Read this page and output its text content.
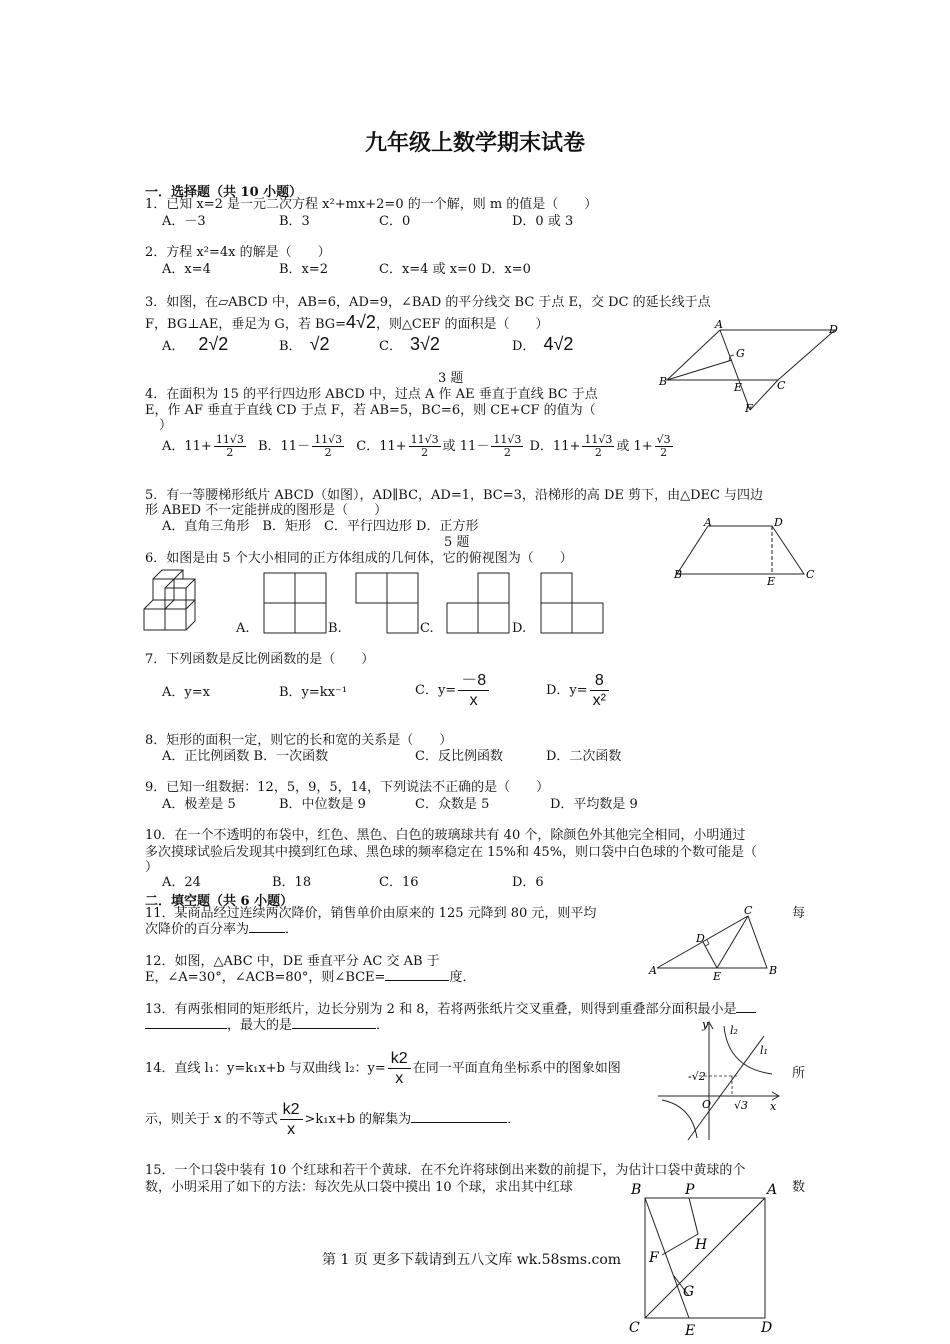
九年级上数学期末试卷
一．选择题（共 10 小题）
1．已知 x=2 是一元二次方程 x²+mx+2=0 的一个解，则 m 的值是（　　）
A．－3	B．3	C．0	D．0 或 3
2．方程 x²=4x 的解是（　　）
A．x=4	B．x=2	C．x=4 或 x=0 D．x=0
3．如图，在▱ABCD 中，AB=6，AD=9，∠BAD 的平分线交 BC 于点 E，交 DC 的延长线于点
F，BG⊥AE，垂足为 G，若 BG=4√2，则△CEF 的面积是（　　）
A． 2√2	B． √2	C． 3√2	D． 4√2
A	D
B	C
E
F
G
3 题
4．在面积为 15 的平行四边形 ABCD 中，过点 A 作 AE 垂直于直线 BC 于点
E，作 AF 垂直于直线 CD 于点 F，若 AB=5，BC=6，则 CE+CF 的值为（
）
A．$11+ \frac{11√3}{2}$ B．$11- \frac{11√3}{2}$ C．$11+ \frac{11√3}{2}$ 或 $11- \frac{11√3}{2}$ D．$11+ \frac{11√3}{2}$ 或 $1+ \frac{√3}{2}$
5．有一等腰梯形纸片 ABCD（如图），AD∥BC，AD=1，BC=3，沿梯形的高 DE 剪下，由△DEC 与四边
形 ABED 不一定能拼成的图形是（　　）
A．直角三角形　B．矩形　C．平行四边形 D．正方形
5 题
A	D
B	C
E
6．如图是由 5 个大小相同的正方体组成的几何体，它的俯视图为（　　）
A.	B.	C.	D.
7．下列函数是反比例函数的是（　　）
A．y=x	B．y=kx⁻¹	C．$y= \frac{-8}{x}$	D．$y= \frac{8}{\text{x²}}$
8．矩形的面积一定，则它的长和宽的关系是（　　）
A．正比例函数 B．一次函数	C．反比例函数	D．二次函数
9．已知一组数据：12，5，9，5，14，下列说法不正确的是（　　）
A．极差是 5	B．中位数是 9	C．众数是 5	D．平均数是 9
10．在一个不透明的布袋中，红色、黑色、白色的玻璃球共有 40 个，除颜色外其他完全相同，小明通过
多次摸球试验后发现其中摸到红色球、黑色球的频率稳定在 15%和 45%，则口袋中白色球的个数可能是（
）
A．24	B．18	C．16	D．6
二．填空题（共 6 小题）
11．某商品经过连续两次降价，销售单价由原来的 125 元降到 80 元，则平均	每
次降价的百分率为	．
A	B
C
D
E
12．如图，△ABC 中，DE 垂直平分 AC 交 AB 于
E，∠A=30°，∠ACB=80°，则∠BCE=	度．
13．有两张相同的矩形纸片，边长分别为 2 和 8，若将两张纸片交叉重叠，则得到重叠部分面积最小是
，最大的是	．
14．直线 l₁：y=k₁x+b 与双曲线 l₂：$y= \frac{k2}{x}$ 在同一平面直角坐标系中的图象如图	所
示，则关于 x 的不等式 $\frac{k2}{x} >k_1x+b$ 的解集为	．
y
x
O
l₁
l₂
-√2
√3
15．一个口袋中装有 10 个红球和若干个黄球．在不允许将球倒出来数的前提下，为估计口袋中黄球的个
数，小明采用了如下的方法：每次先从口袋中摸出 10 个球，求出其中红球	数
B	P	A
H
F
G
C	E	D
第 1 页 更多下载请到五八文库 wk.58sms.com
